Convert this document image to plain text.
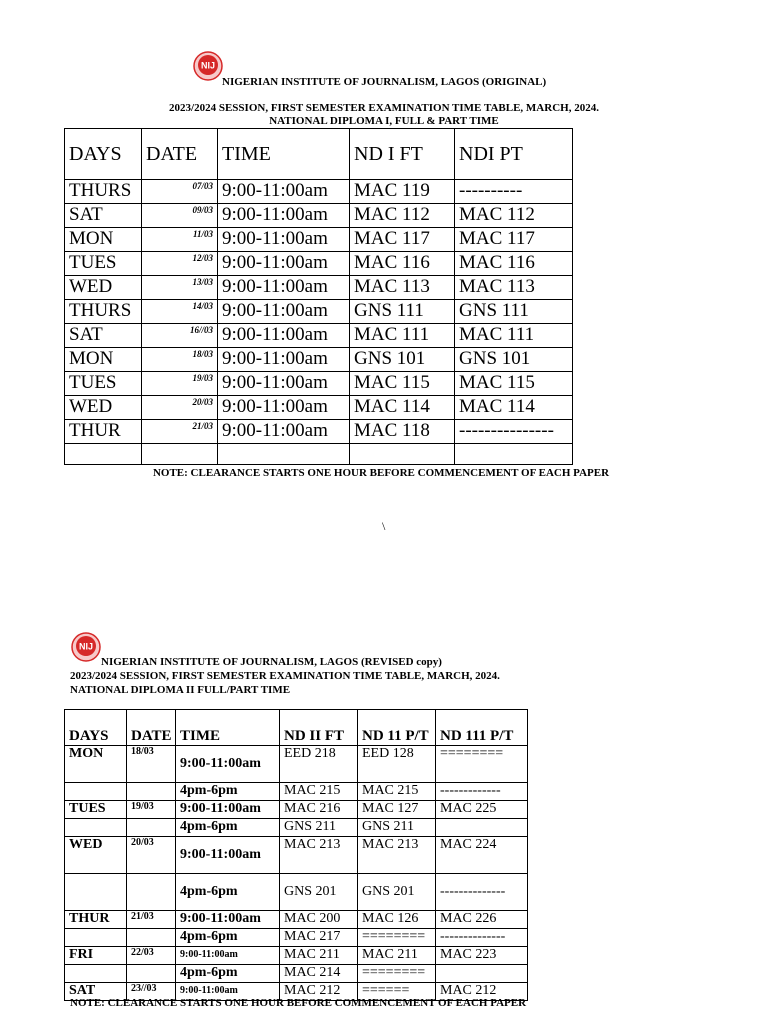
NIJ
NIGERIAN INSTITUTE OF JOURNALISM, LAGOS (ORIGINAL)
2023/2024 SESSION, FIRST SEMESTER EXAMINATION TIME TABLE, MARCH, 2024.
NATIONAL DIPLOMA I, FULL & PART TIME
DAYS	DATE	TIME	ND I FT	NDI PT
THURS	07/03	9:00-11:00am	MAC 119	----------
SAT	09/03	9:00-11:00am	MAC 112	MAC 112
MON	11/03	9:00-11:00am	MAC 117	MAC 117
TUES	12/03	9:00-11:00am	MAC 116	MAC 116
WED	13/03	9:00-11:00am	MAC 113	MAC 113
THURS	14/03	9:00-11:00am	GNS 111	GNS 111
SAT	16//03	9:00-11:00am	MAC 111	MAC 111
MON	18/03	9:00-11:00am	GNS 101	GNS 101
TUES	19/03	9:00-11:00am	MAC 115	MAC 115
WED	20/03	9:00-11:00am	MAC 114	MAC 114
THUR	21/03	9:00-11:00am	MAC 118	---------------

NOTE: CLEARANCE STARTS ONE HOUR BEFORE COMMENCEMENT OF EACH PAPER
\
NIJ
NIGERIAN INSTITUTE OF JOURNALISM, LAGOS (REVISED copy)
2023/2024 SESSION, FIRST SEMESTER EXAMINATION TIME TABLE, MARCH, 2024.
NATIONAL DIPLOMA II FULL/PART TIME
DAYS	DATE	TIME	ND II FT	ND 11 P/T	ND 111 P/T
MON	18/03	9:00-11:00am	EED 218	EED 128	========
		4pm-6pm	MAC 215	MAC 215	-------------
TUES	19/03	9:00-11:00am	MAC 216	MAC 127	MAC 225
		4pm-6pm	GNS 211	GNS 211	
WED	20/03	9:00-11:00am	MAC 213	MAC 213	MAC 224
		4pm-6pm	GNS 201	GNS 201	--------------
THUR	21/03	9:00-11:00am	MAC 200	MAC 126	MAC 226
		4pm-6pm	MAC 217	========	--------------
FRI	22/03	9:00-11:00am	MAC 211	MAC 211	MAC 223
		4pm-6pm	MAC 214	========	
SAT	23//03	9:00-11:00am	MAC 212	======	MAC 212
NOTE: CLEARANCE STARTS ONE HOUR BEFORE COMMENCEMENT OF EACH PAPER
